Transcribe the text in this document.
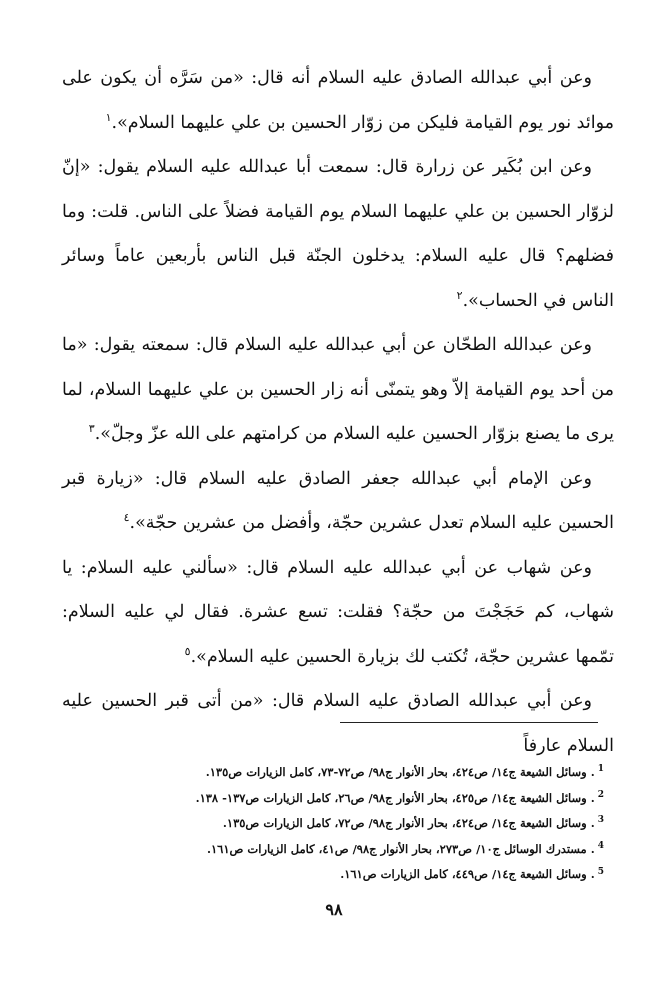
وعن أبي عبدالله الصادق عليه السلام أنه قال: «من سَرَّه أن يكون على موائد نور يوم القيامة فليكن من زوّار الحسين بن علي عليهما السلام».$^١$

وعن ابن بُكَير عن زرارة قال: سمعت أبا عبدالله عليه السلام يقول: «إنّ لزوّار الحسين بن علي عليهما السلام يوم القيامة فضلاً على الناس. قلت: وما فضلهم؟ قال عليه السلام: يدخلون الجنّة قبل الناس بأربعين عاماً وسائر الناس في الحساب».$^٢$

وعن عبدالله الطحّان عن أبي عبدالله عليه السلام قال: سمعته يقول: «ما من أحد يوم القيامة إلاّ وهو يتمنّى أنه زار الحسين بن علي عليهما السلام، لما يرى ما يصنع بزوّار الحسين عليه السلام من كرامتهم على الله عزّ وجلّ».$^٣$

وعن الإمام أبي عبدالله جعفر الصادق عليه السلام قال: «زيارة قبر الحسين عليه السلام تعدل عشرين حجّة، وأفضل من عشرين حجّة».$^٤$

وعن شهاب عن أبي عبدالله عليه السلام قال: «سألني عليه السلام: يا شهاب، كم حَجَجْتَ من حجّة؟ فقلت: تسع عشرة. فقال لي عليه السلام: تمّمها عشرين حجّة، تُكتب لك بزيارة الحسين عليه السلام».$^٥$

وعن أبي عبدالله الصادق عليه السلام قال: «من أتى قبر الحسين عليه السلام عارفاً

$^1$. وسائل الشيعة ج١٤/ ص٤٢٤، بحار الأنوار ج٩٨/ ص٧٢-٧٣، كامل الزيارات ص١٣٥.
$^2$. وسائل الشيعة ج١٤/ ص٤٢٥، بحار الأنوار ج٩٨/ ص٢٦، كامل الزيارات ص١٣٧- ١٣٨.
$^3$. وسائل الشيعة ج١٤/ ص٤٢٤، بحار الأنوار ج٩٨/ ص٧٢، كامل الزيارات ص١٣٥.
$^4$. مستدرك الوسائل ج١٠/ ص٢٧٣، بحار الأنوار ج٩٨/ ص٤١، كامل الزيارات ص١٦١.
$^5$. وسائل الشيعة ج١٤/ ص٤٤٩، كامل الزيارات ص١٦١.
٩٨
